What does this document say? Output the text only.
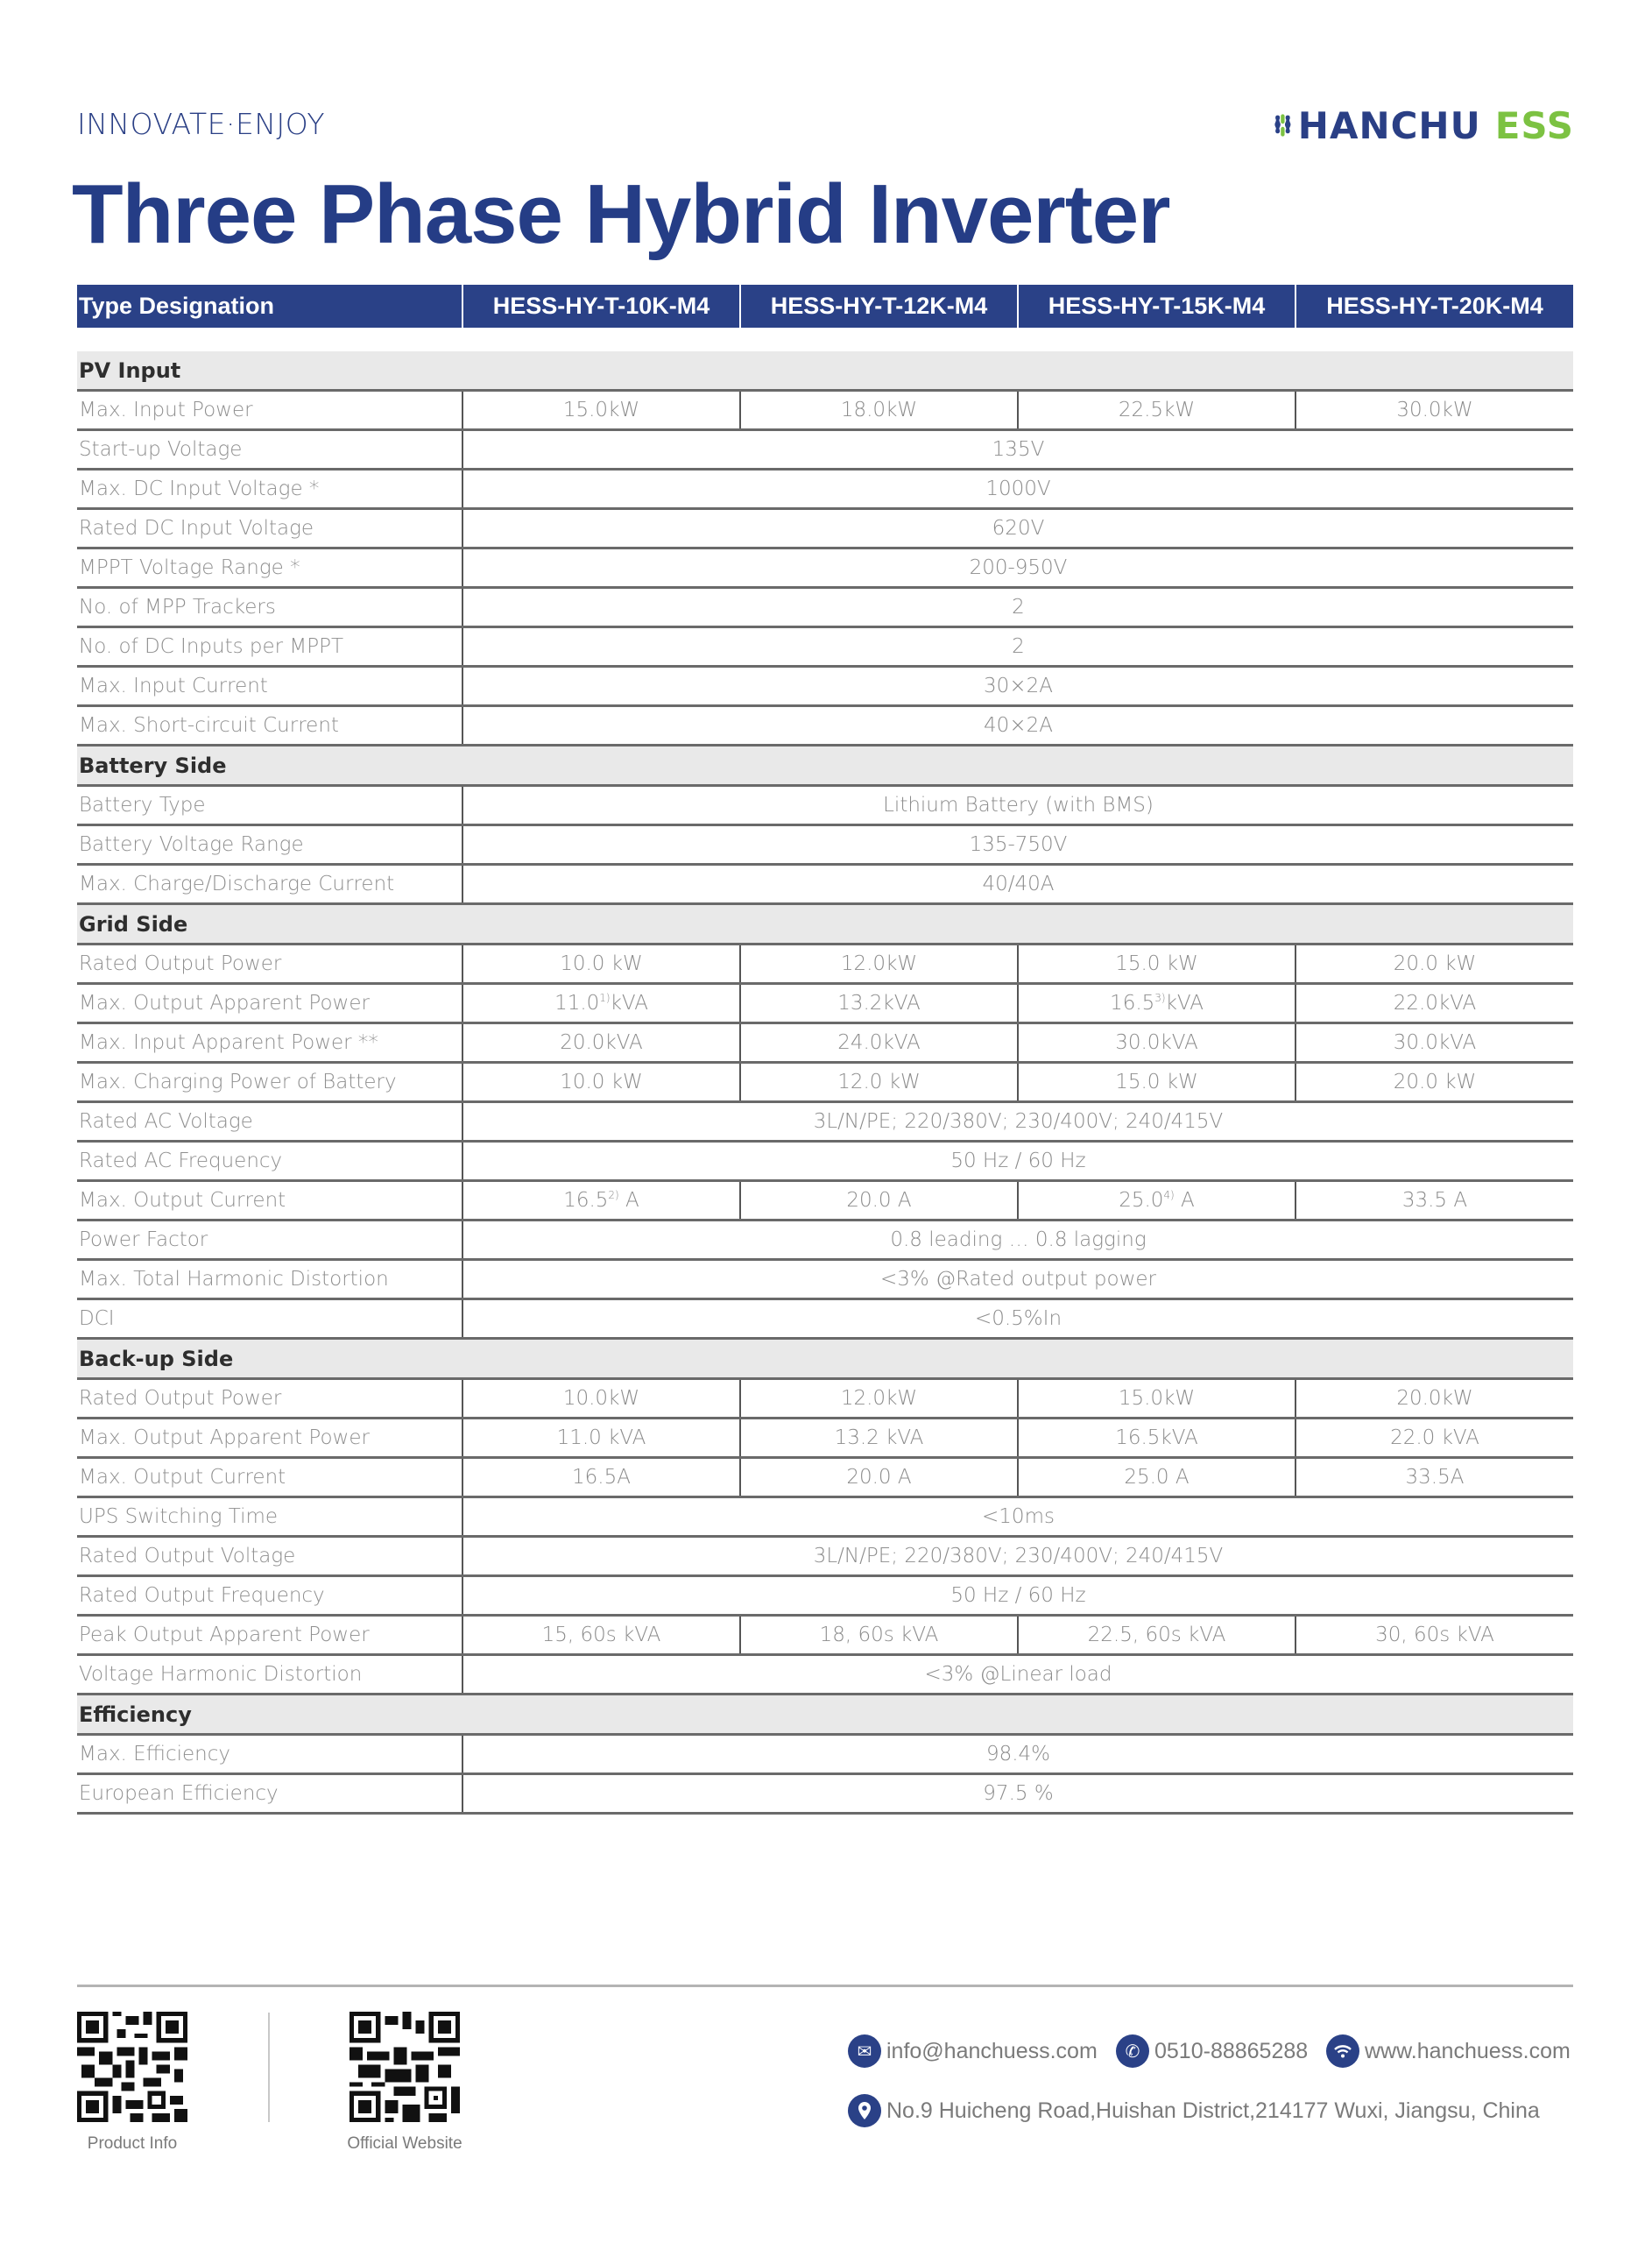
INNOVATE·ENJOY	HANCHU ESS
Three Phase Hybrid Inverter
Type Designation	HESS-HY-T-10K-M4	HESS-HY-T-12K-M4	HESS-HY-T-15K-M4	HESS-HY-T-20K-M4

PV Input				
Max. Input Power	15.0kW	18.0kW	22.5kW	30.0kW
Start-up Voltage	135V			
Max. DC Input Voltage *	1000V			
Rated DC Input Voltage	620V			
MPPT Voltage Range *	200-950V			
No. of MPP Trackers	2			
No. of DC Inputs per MPPT	2			
Max. Input Current	30×2A			
Max. Short-circuit Current	40×2A			
Battery Side				
Battery Type	Lithium Battery (with BMS)			
Battery Voltage Range	135-750V			
Max. Charge/Discharge Current	40/40A			
Grid Side				
Rated Output Power	10.0 kW	12.0kW	15.0 kW	20.0 kW
Max. Output Apparent Power	11.0$^{1)}$kVA	13.2kVA	16.5$^{3)}$kVA	22.0kVA
Max. Input Apparent Power **	20.0kVA	24.0kVA	30.0kVA	30.0kVA
Max. Charging Power of Battery	10.0 kW	12.0 kW	15.0 kW	20.0 kW
Rated AC Voltage	3L/N/PE; 220/380V; 230/400V; 240/415V			
Rated AC Frequency	50 Hz / 60 Hz			
Max. Output Current	16.5$^{2)}$ A	20.0 A	25.0$^{4)}$ A	33.5 A
Power Factor	0.8 leading … 0.8 lagging			
Max. Total Harmonic Distortion	<3% @Rated output power			
DCI	<0.5%In			
Back-up Side				
Rated Output Power	10.0kW	12.0kW	15.0kW	20.0kW
Max. Output Apparent Power	11.0 kVA	13.2 kVA	16.5kVA	22.0 kVA
Max. Output Current	16.5A	20.0 A	25.0 A	33.5A
UPS Switching Time	<10ms			
Rated Output Voltage	3L/N/PE; 220/380V; 230/400V; 240/415V			
Rated Output Frequency	50 Hz / 60 Hz			
Peak Output Apparent Power	15, 60s kVA	18, 60s kVA	22.5, 60s kVA	30, 60s kVA
Voltage Harmonic Distortion	<3% @Linear load			
Efficiency				
Max. Efficiency	98.4%			
European Efficiency	97.5 %			
Product Info	Official Website
✉ info@hanchuess.com	✆ 0510-88865288	www.hanchuess.com
No.9 Huicheng Road,Huishan District,214177 Wuxi, Jiangsu, China
